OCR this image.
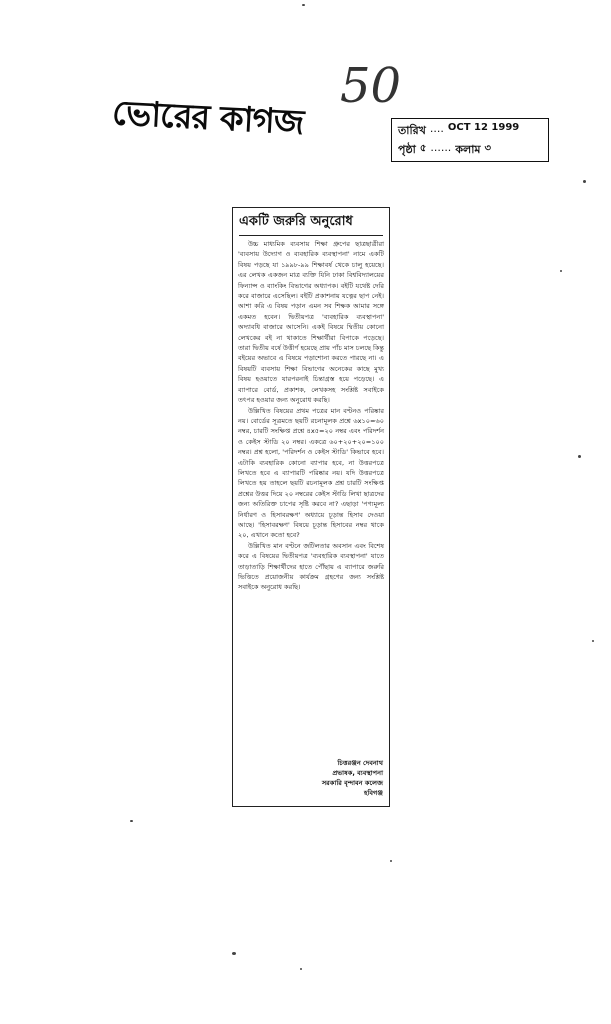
ভোরের কাগজ
50
তারিখ .... OCT 12 1999
পৃষ্ঠা ৫ ...... কলাম ৩
একটি জরুরি অনুরোধ

উচ্চ মাধ্যমিক ব্যবসায় শিক্ষা গ্রুপের ছাত্রছাত্রীরা 'ব্যবসায় উদ্যোগ ও ব্যবহারিক ব্যবস্থাপনা' নামে একটি বিষয় পড়ছে যা ১৯৯৮-৯৯ শিক্ষাবর্ষ থেকে চালু হয়েছে। এর লেখক একজন মাত্র ব্যক্তি যিনি ঢাকা বিশ্ববিদ্যালয়ের ফিন্যান্স ও ব্যাংকিং বিভাগের অধ্যাপক। বইটি যথেষ্ট দেরি করে বাজারে এসেছিল। বইটি প্রকাশনায় যত্নের ছাপ নেই। আশা করি এ বিষয় পড়ান এমন সব শিক্ষক আমার সঙ্গে একমত হবেন। দ্বিতীয়পত্র 'ব্যবহারিক ব্যবস্থাপনা' অদ্যাবধি বাজারে আসেনি। একই বিষয়ে দ্বিতীয় কোনো লেখকের বই না থাকাতে শিক্ষার্থীরা বিপাকে পড়েছে। তারা দ্বিতীয় বর্ষে উত্তীর্ণ হয়েছে প্রায় পাঁচ মাস চলছে কিন্তু বইয়ের অভাবে এ বিষয়ে পড়াশোনা করতে পারছে না। এ বিষয়টি ব্যবসায় শিক্ষা বিভাগের অনেকের কাছে মুখ্য বিষয় হওয়াতে যারপরনাই চিন্তাগ্রস্ত হয়ে পড়েছে। এ ব্যাপারে বোর্ড, প্রকাশক, লেখকসহ সংশ্লিষ্ট সবাইকে তৎপর হওয়ার জন্য অনুরোধ করছি।

উল্লিখিত বিষয়ের প্রথম পত্রের মান বণ্টনও পরিষ্কার নয়। বোর্ডের সূত্রমতে ছয়টি রচনামূলক প্রশ্নে ৬x১০=৬০ নম্বর, চারটি সংক্ষিপ্ত প্রশ্নে ৪x৫=২০ নম্বর এবং পরিদর্শন ও কেইস স্টাডি ২০ নম্বর। একত্রে ৬০+২০+২০=১০০ নম্বর। প্রশ্ন হলো, 'পরিদর্শন ও কেইস স্টাডি' কিভাবে হবে। এটাকি ব্যবহারিক কোনো ব্যাপার হবে, না উত্তরপত্রে লিখতে হবে এ ব্যাপারটি পরিষ্কার নয়। যদি উত্তরপত্রে লিখতে হয় তাহলে ছয়টি রচনামূলক প্রশ্ন চারটি সংক্ষিপ্ত প্রশ্নের উত্তর দিয়ে ২০ নম্বরের কেইস স্টাডি লিখা ছাত্রদের জন্য অতিরিক্ত চাপের সৃষ্টি করবে না? এছাড়া 'পণ্যমূল্য নির্ধারণ ও হিসাবরক্ষণ' অধ্যায়ে চূড়ান্ত হিসাব দেওয়া আছে। 'হিসাবরক্ষণ' বিষয়ে চূড়ান্ত হিসাবের নম্বর থাকে ২০, এখানে কতো হবে?

উল্লিখিত মান বণ্টনে জটিলতার অবসান এবং বিশেষ করে এ বিষয়ের দ্বিতীয়পত্র 'ব্যবহারিক ব্যবস্থাপনা' যাতে তাড়াতাড়ি শিক্ষার্থীদের হাতে পৌঁছায় এ ব্যাপারে জরুরি ভিত্তিতে প্রয়োজনীয় কার্যক্রম গ্রহণের জন্য সংশ্লিষ্ট সবাইকে অনুরোধ করছি।

চিত্তরঞ্জন দেবনাথ
প্রভাষক, ব্যবস্থাপনা
সরকারি বৃন্দাবন কলেজ
হবিগঞ্জ
